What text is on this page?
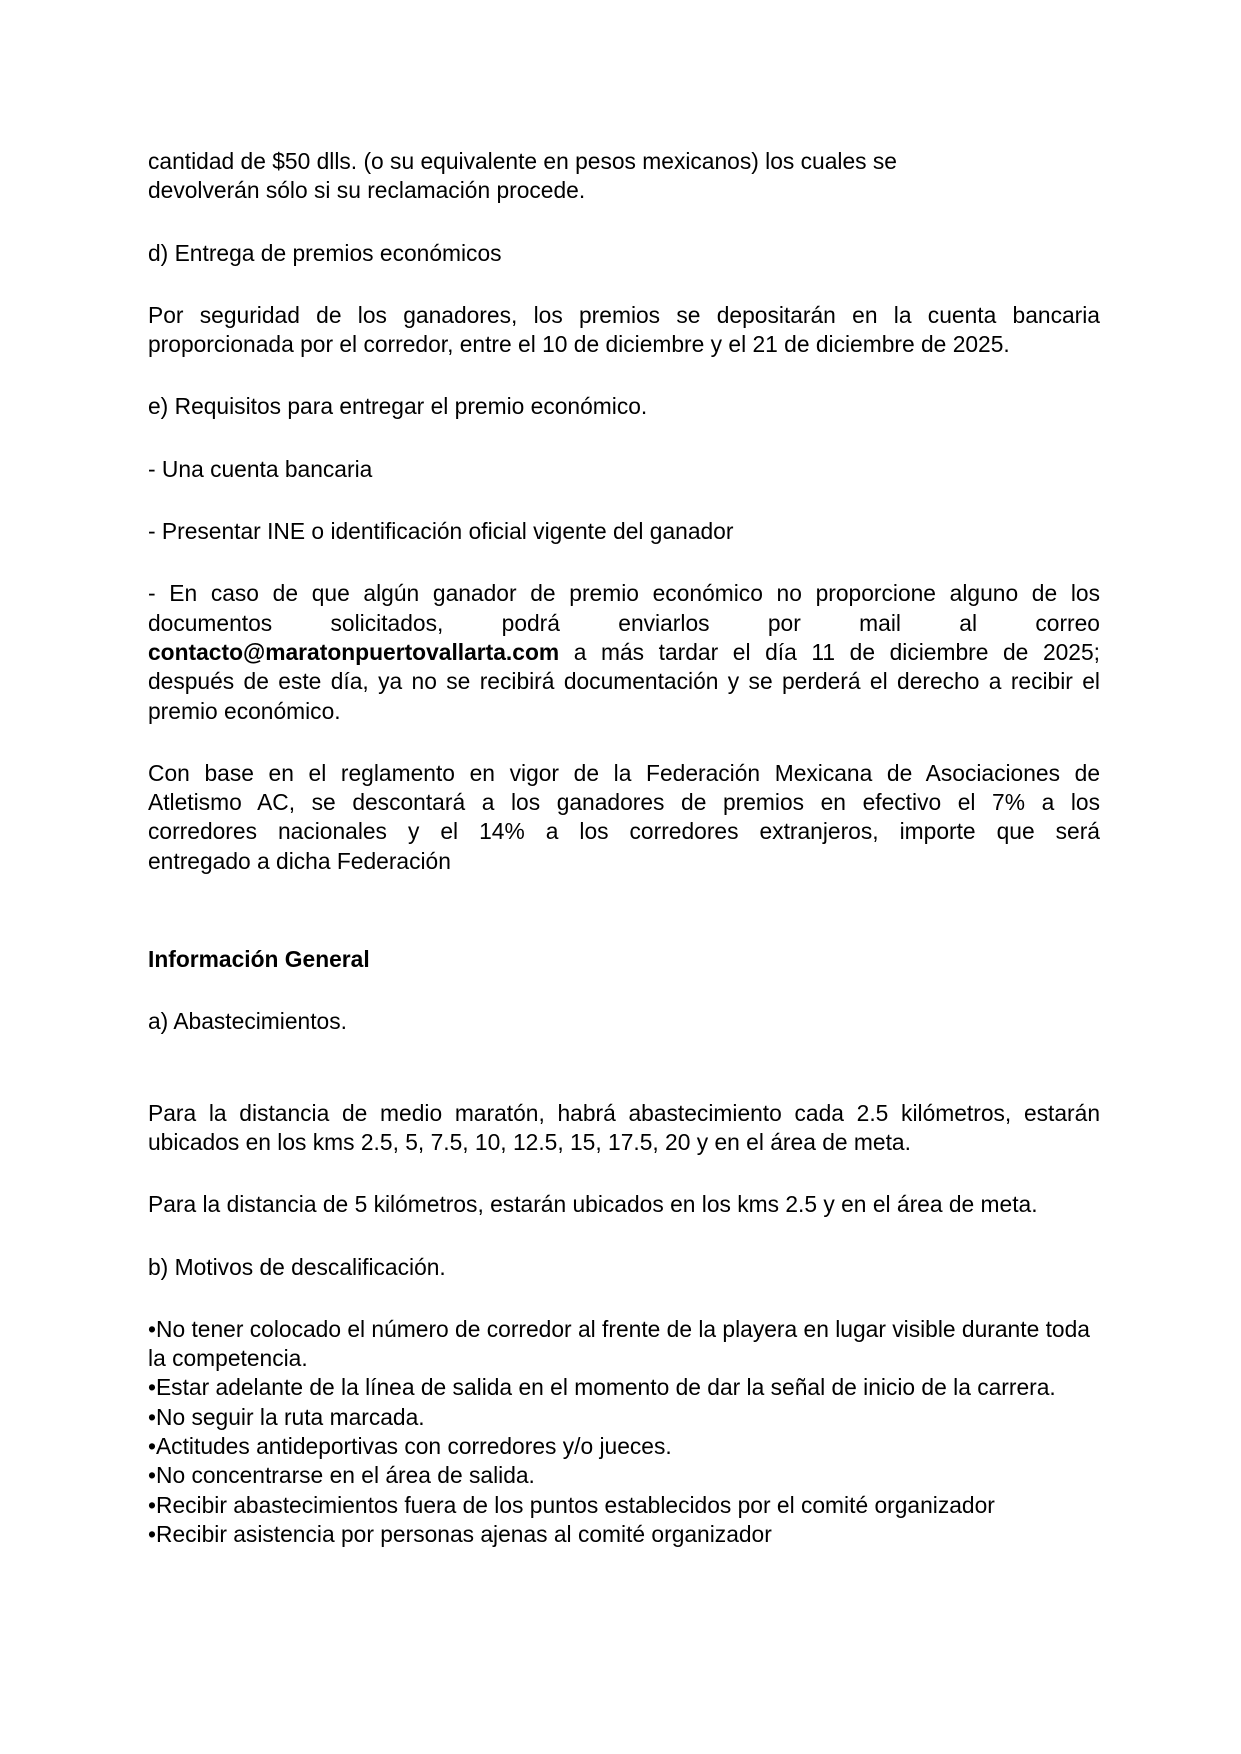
cantidad de $50 dlls. (o su equivalente en pesos mexicanos) los cuales se
devolverán sólo si su reclamación procede.
d) Entrega de premios económicos
Por seguridad de los ganadores, los premios se depositarán en la cuenta bancaria
proporcionada por el corredor, entre el 10 de diciembre y el 21 de diciembre de 2025.
e) Requisitos para entregar el premio económico.
- Una cuenta bancaria
- Presentar INE o identificación oficial vigente del ganador
- En caso de que algún ganador de premio económico no proporcione alguno de los
documentos solicitados, podrá enviarlos por mail al correo
contacto@maratonpuertovallarta.com a más tardar el día 11 de diciembre de 2025;
después de este día, ya no se recibirá documentación y se perderá el derecho a recibir el
premio económico.
Con base en el reglamento en vigor de la Federación Mexicana de Asociaciones de
Atletismo AC, se descontará a los ganadores de premios en efectivo el 7% a los
corredores nacionales y el 14% a los corredores extranjeros, importe que será
entregado a dicha Federación
Información General
a) Abastecimientos.
Para la distancia de medio maratón, habrá abastecimiento cada 2.5 kilómetros, estarán
ubicados en los kms 2.5, 5, 7.5, 10, 12.5, 15, 17.5, 20 y en el área de meta.
Para la distancia de 5 kilómetros, estarán ubicados en los kms 2.5 y en el área de meta.
b) Motivos de descalificación.
•No tener colocado el número de corredor al frente de la playera en lugar visible durante toda
la competencia.
•Estar adelante de la línea de salida en el momento de dar la señal de inicio de la carrera.
•No seguir la ruta marcada.
•Actitudes antideportivas con corredores y/o jueces.
•No concentrarse en el área de salida.
•Recibir abastecimientos fuera de los puntos establecidos por el comité organizador
•Recibir asistencia por personas ajenas al comité organizador
